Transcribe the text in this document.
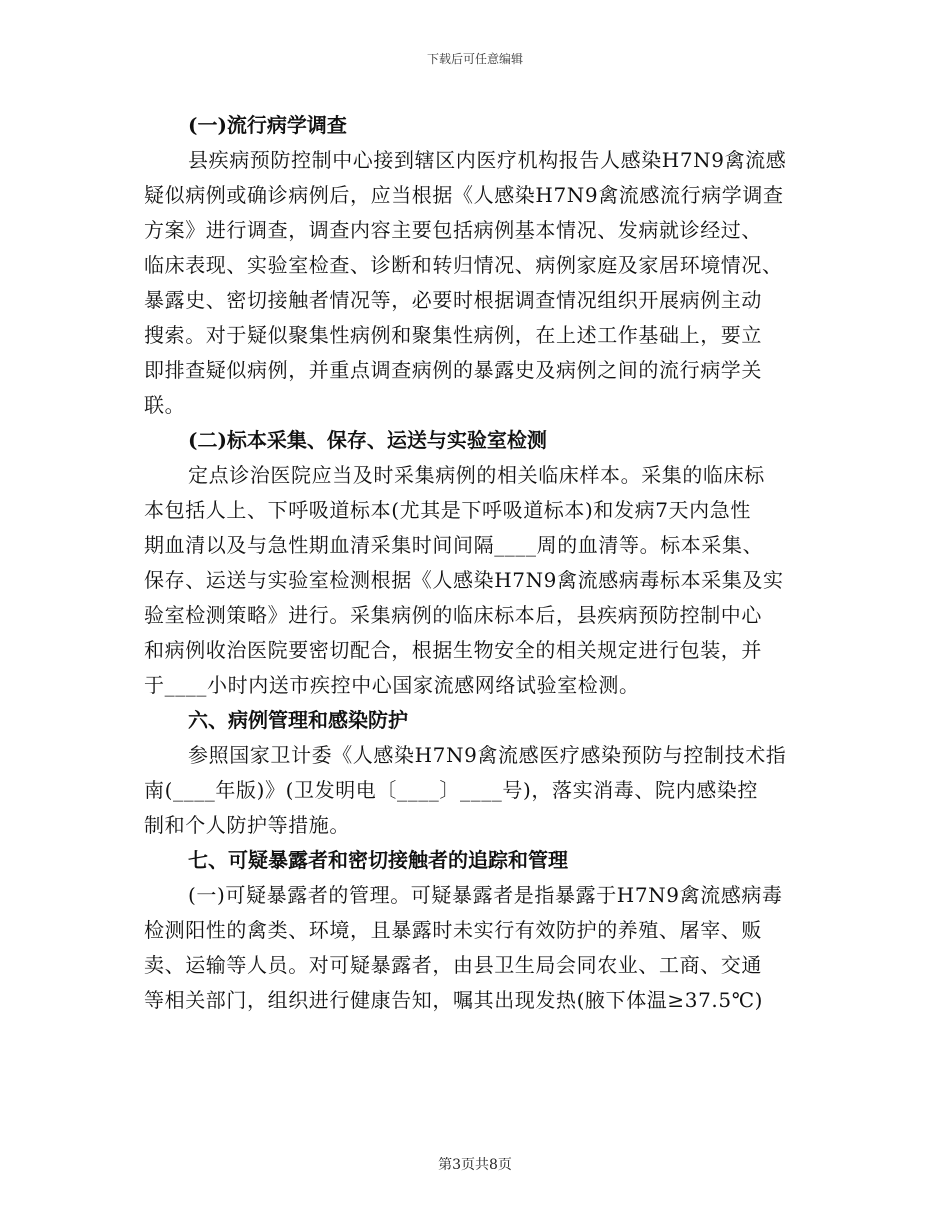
下载后可任意编辑
(一)流行病学调查
县疾病预防控制中心接到辖区内医疗机构报告人感染H7N9禽流感
疑似病例或确诊病例后，应当根据《人感染H7N9禽流感流行病学调查
方案》进行调查，调查内容主要包括病例基本情况、发病就诊经过、
临床表现、实验室检查、诊断和转归情况、病例家庭及家居环境情况、
暴露史、密切接触者情况等，必要时根据调查情况组织开展病例主动
搜索。对于疑似聚集性病例和聚集性病例，在上述工作基础上，要立
即排查疑似病例，并重点调查病例的暴露史及病例之间的流行病学关
联。
(二)标本采集、保存、运送与实验室检测
定点诊治医院应当及时采集病例的相关临床样本。采集的临床标
本包括人上、下呼吸道标本(尤其是下呼吸道标本)和发病7天内急性
期血清以及与急性期血清采集时间间隔____周的血清等。标本采集、
保存、运送与实验室检测根据《人感染H7N9禽流感病毒标本采集及实
验室检测策略》进行。采集病例的临床标本后，县疾病预防控制中心
和病例收治医院要密切配合，根据生物安全的相关规定进行包装，并
于____小时内送市疾控中心国家流感网络试验室检测。
六、病例管理和感染防护
参照国家卫计委《人感染H7N9禽流感医疗感染预防与控制技术指
南(____年版)》(卫发明电〔____〕____号)，落实消毒、院内感染控
制和个人防护等措施。
七、可疑暴露者和密切接触者的追踪和管理
(一)可疑暴露者的管理。可疑暴露者是指暴露于H7N9禽流感病毒
检测阳性的禽类、环境，且暴露时未实行有效防护的养殖、屠宰、贩
卖、运输等人员。对可疑暴露者，由县卫生局会同农业、工商、交通
等相关部门，组织进行健康告知，嘱其出现发热(腋下体温≥37.5℃)
第3页共8页
